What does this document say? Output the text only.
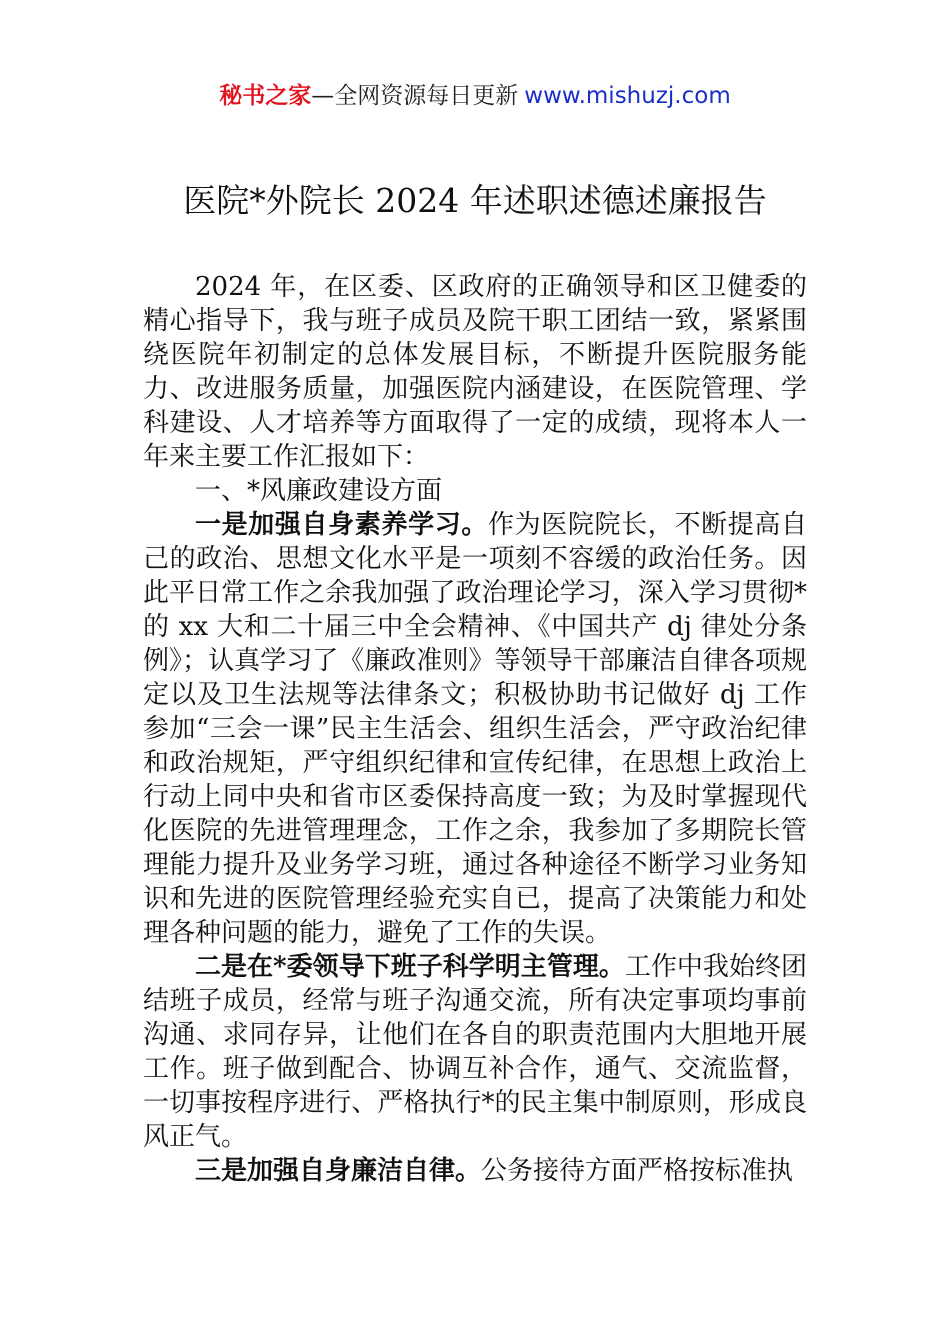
秘书之家—全网资源每日更新 www.mishuzj.com
医院*外院长 2024 年述职述德述廉报告

2024 年，在区委、区政府的正确领导和区卫健委的精心指导下，我与班子成员及院干职工团结一致，紧紧围绕医院年初制定的总体发展目标，不断提升医院服务能力、改进服务质量，加强医院内涵建设，在医院管理、学科建设、人才培养等方面取得了一定的成绩，现将本人一年来主要工作汇报如下：

一、*风廉政建设方面

一是加强自身素养学习。作为医院院长，不断提高自己的政治、思想文化水平是一项刻不容缓的政治任务。因此平日常工作之余我加强了政治理论学习，深入学习贯彻*的 xx 大和二十届三中全会精神、《中国共产 dj 律处分条例》；认真学习了《廉政准则》等领导干部廉洁自律各项规定以及卫生法规等法律条文；积极协助书记做好 dj 工作参加“三会一课”民主生活会、组织生活会，严守政治纪律和政治规矩，严守组织纪律和宣传纪律，在思想上政治上行动上同中央和省市区委保持高度一致；为及时掌握现代化医院的先进管理理念，工作之余，我参加了多期院长管理能力提升及业务学习班，通过各种途径不断学习业务知识和先进的医院管理经验充实自已，提高了决策能力和处理各种问题的能力，避免了工作的失误。

二是在*委领导下班子科学明主管理。工作中我始终团结班子成员，经常与班子沟通交流，所有决定事项均事前沟通、求同存异，让他们在各自的职责范围内大胆地开展工作。班子做到配合、协调互补合作，通气、交流监督，一切事按程序进行、严格执行*的民主集中制原则，形成良风正气。

三是加强自身廉洁自律。公务接待方面严格按标准执
